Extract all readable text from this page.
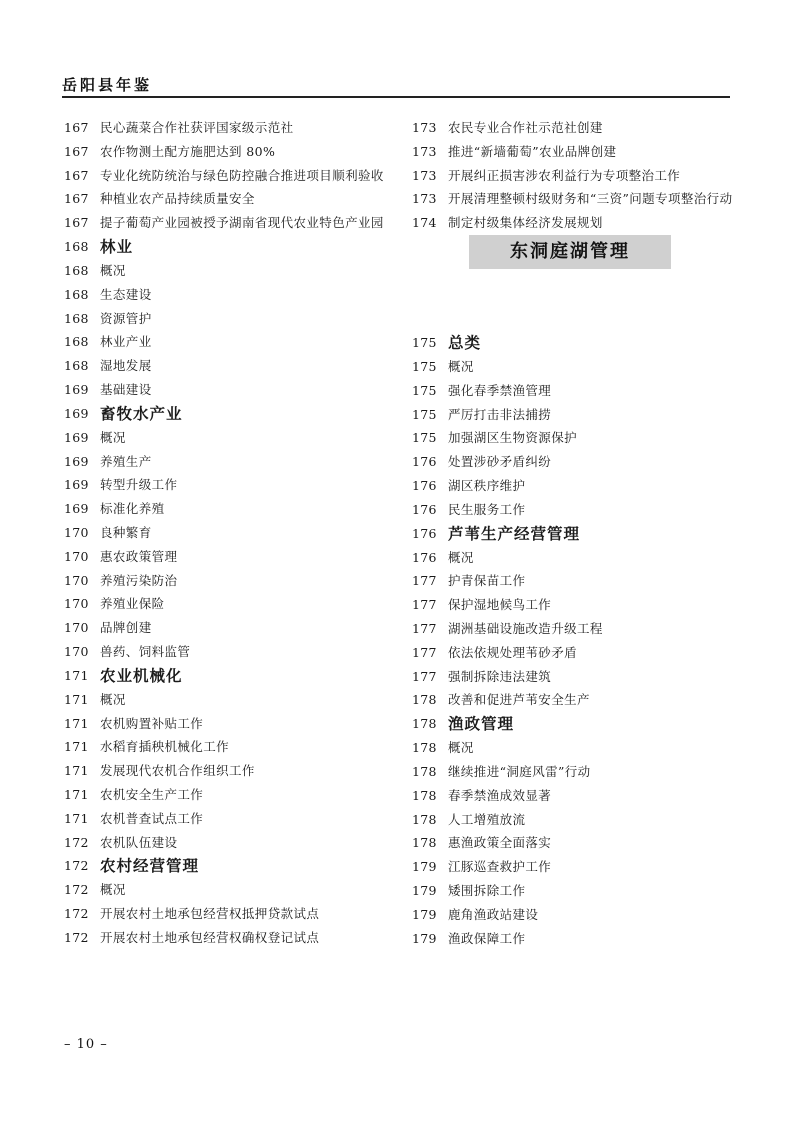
岳阳县年鉴
167 民心蔬菜合作社获评国家级示范社
167 农作物测土配方施肥达到 80%
167 专业化统防统治与绿色防控融合推进项目顺利验收
167 种植业农产品持续质量安全
167 提子葡萄产业园被授予湖南省现代农业特色产业园
168 林业
168 概况
168 生态建设
168 资源管护
168 林业产业
168 湿地发展
169 基础建设
169 畜牧水产业
169 概况
169 养殖生产
169 转型升级工作
169 标准化养殖
170 良种繁育
170 惠农政策管理
170 养殖污染防治
170 养殖业保险
170 品牌创建
170 兽药、饲料监管
171 农业机械化
171 概况
171 农机购置补贴工作
171 水稻育插秧机械化工作
171 发展现代农机合作组织工作
171 农机安全生产工作
171 农机普查试点工作
172 农机队伍建设
172 农村经营管理
172 概况
172 开展农村土地承包经营权抵押贷款试点
172 开展农村土地承包经营权确权登记试点
173 农民专业合作社示范社创建
173 推进“新墙葡萄”农业品牌创建
173 开展纠正损害涉农利益行为专项整治工作
173 开展清理整顿村级财务和“三资”问题专项整治行动
174 制定村级集体经济发展规划
东洞庭湖管理
175 总类
175 概况
175 强化春季禁渔管理
175 严厉打击非法捕捞
175 加强湖区生物资源保护
176 处置涉砂矛盾纠纷
176 湖区秩序维护
176 民生服务工作
176 芦苇生产经营管理
176 概况
177 护青保苗工作
177 保护湿地候鸟工作
177 湖洲基础设施改造升级工程
177 依法依规处理苇砂矛盾
177 强制拆除违法建筑
178 改善和促进芦苇安全生产
178 渔政管理
178 概况
178 继续推进“洞庭风雷”行动
178 春季禁渔成效显著
178 人工增殖放流
178 惠渔政策全面落实
179 江豚巡查救护工作
179 矮围拆除工作
179 鹿角渔政站建设
179 渔政保障工作
– 10 –
